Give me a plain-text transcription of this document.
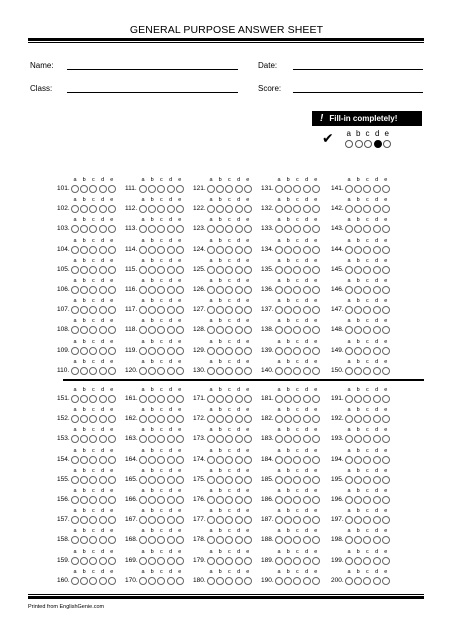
GENERAL PURPOSE ANSWER SHEET
Name:	Date:
Class:	Score:
! Fill-in completely!
✔ a b c d e
a	b	c	d	e
101.
a	b	c	d	e
102.
a	b	c	d	e
103.
a	b	c	d	e
104.
a	b	c	d	e
105.
a	b	c	d	e
106.
a	b	c	d	e
107.
a	b	c	d	e
108.
a	b	c	d	e
109.
a	b	c	d	e
110.
a	b	c	d	e
111.
a	b	c	d	e
112.
a	b	c	d	e
113.
a	b	c	d	e
114.
a	b	c	d	e
115.
a	b	c	d	e
116.
a	b	c	d	e
117.
a	b	c	d	e
118.
a	b	c	d	e
119.
a	b	c	d	e
120.
a	b	c	d	e
121.
a	b	c	d	e
122.
a	b	c	d	e
123.
a	b	c	d	e
124.
a	b	c	d	e
125.
a	b	c	d	e
126.
a	b	c	d	e
127.
a	b	c	d	e
128.
a	b	c	d	e
129.
a	b	c	d	e
130.
a	b	c	d	e
131.
a	b	c	d	e
132.
a	b	c	d	e
133.
a	b	c	d	e
134.
a	b	c	d	e
135.
a	b	c	d	e
136.
a	b	c	d	e
137.
a	b	c	d	e
138.
a	b	c	d	e
139.
a	b	c	d	e
140.
a	b	c	d	e
141.
a	b	c	d	e
142.
a	b	c	d	e
143.
a	b	c	d	e
144.
a	b	c	d	e
145.
a	b	c	d	e
146.
a	b	c	d	e
147.
a	b	c	d	e
148.
a	b	c	d	e
149.
a	b	c	d	e
150.
a	b	c	d	e
151.
a	b	c	d	e
152.
a	b	c	d	e
153.
a	b	c	d	e
154.
a	b	c	d	e
155.
a	b	c	d	e
156.
a	b	c	d	e
157.
a	b	c	d	e
158.
a	b	c	d	e
159.
a	b	c	d	e
160.
a	b	c	d	e
161.
a	b	c	d	e
162.
a	b	c	d	e
163.
a	b	c	d	e
164.
a	b	c	d	e
165.
a	b	c	d	e
166.
a	b	c	d	e
167.
a	b	c	d	e
168.
a	b	c	d	e
169.
a	b	c	d	e
170.
a	b	c	d	e
171.
a	b	c	d	e
172.
a	b	c	d	e
173.
a	b	c	d	e
174.
a	b	c	d	e
175.
a	b	c	d	e
176.
a	b	c	d	e
177.
a	b	c	d	e
178.
a	b	c	d	e
179.
a	b	c	d	e
180.
a	b	c	d	e
181.
a	b	c	d	e
182.
a	b	c	d	e
183.
a	b	c	d	e
184.
a	b	c	d	e
185.
a	b	c	d	e
186.
a	b	c	d	e
187.
a	b	c	d	e
188.
a	b	c	d	e
189.
a	b	c	d	e
190.
a	b	c	d	e
191.
a	b	c	d	e
192.
a	b	c	d	e
193.
a	b	c	d	e
194.
a	b	c	d	e
195.
a	b	c	d	e
196.
a	b	c	d	e
197.
a	b	c	d	e
198.
a	b	c	d	e
199.
a	b	c	d	e
200.
Printed from EnglishGenie.com
